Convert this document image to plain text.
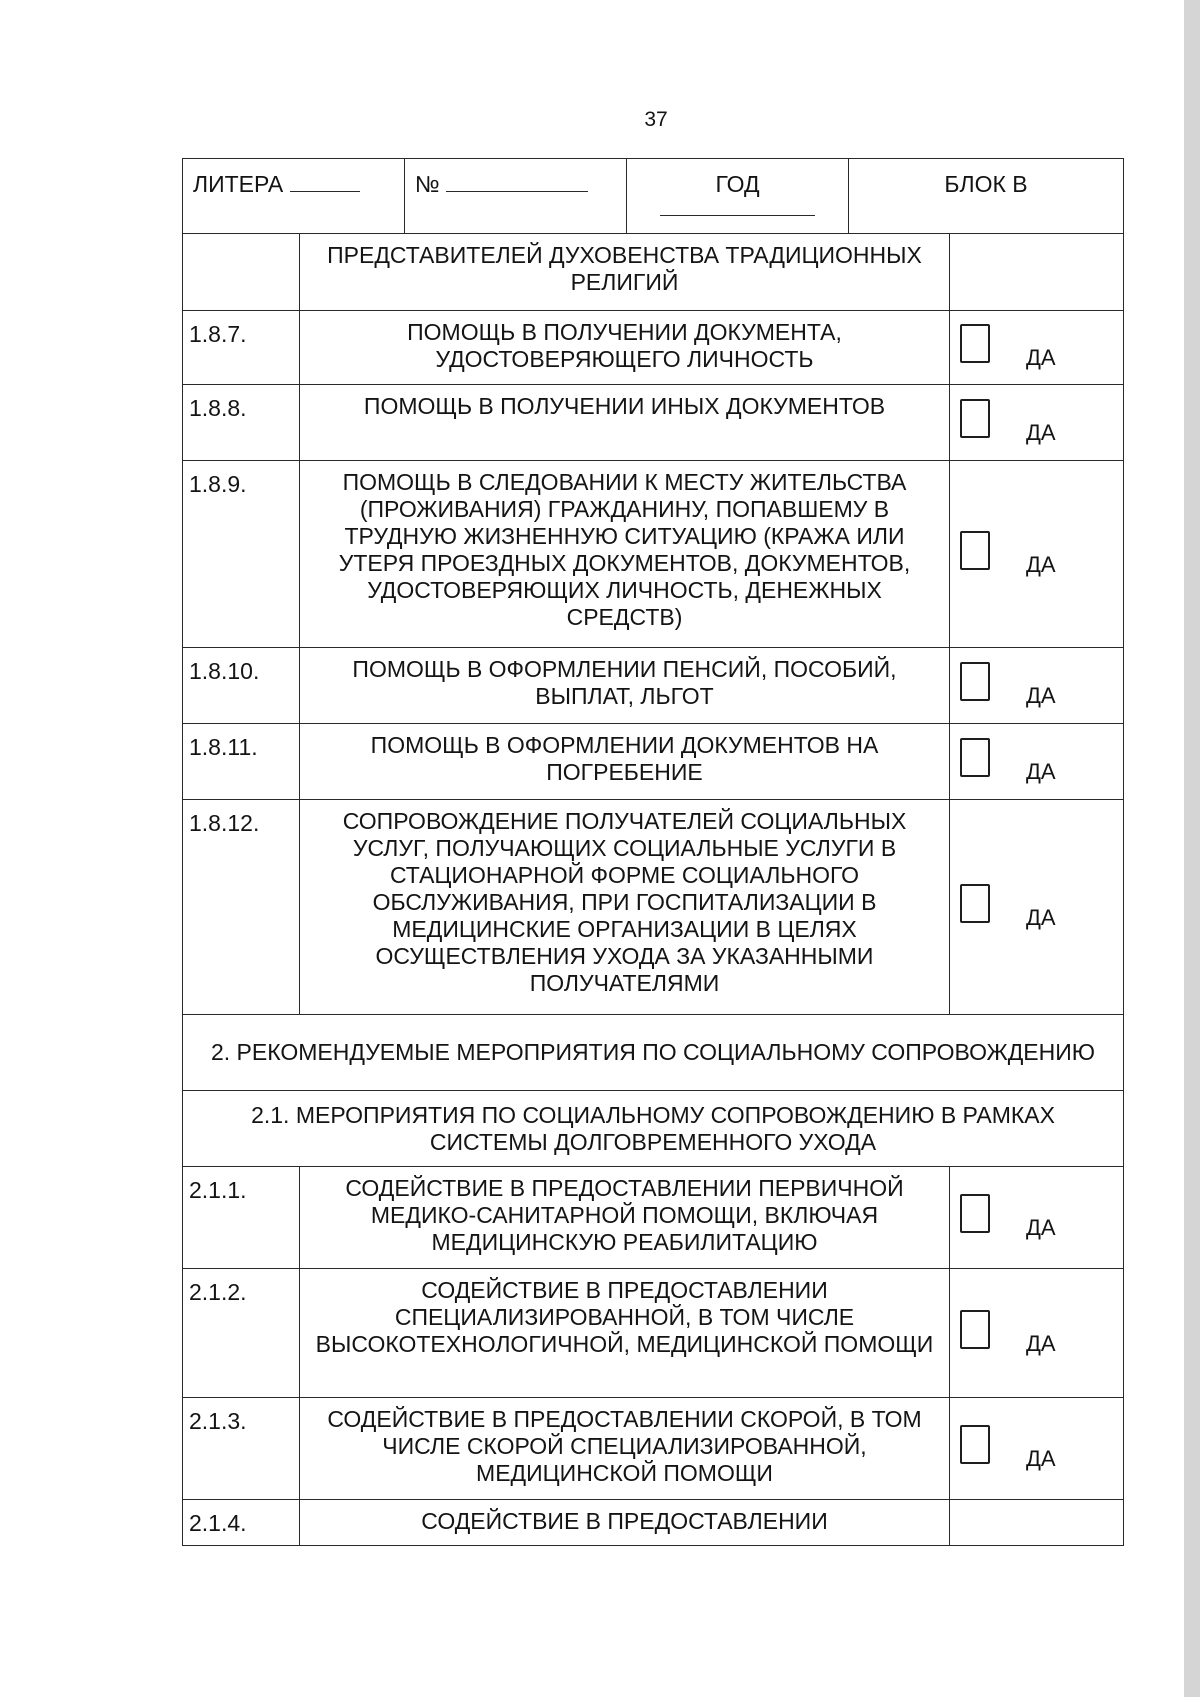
37
ЛИТЕРА	№	ГОД	БЛОК В
	ПРЕДСТАВИТЕЛЕЙ ДУХОВЕНСТВА ТРАДИЦИОННЫХ РЕЛИГИЙ	
1.8.7.	ПОМОЩЬ В ПОЛУЧЕНИИ ДОКУМЕНТА, УДОСТОВЕРЯЮЩЕГО ЛИЧНОСТЬ	ДА

1.8.8.	ПОМОЩЬ В ПОЛУЧЕНИИ ИНЫХ ДОКУМЕНТОВ	ДА

1.8.9.	ПОМОЩЬ В СЛЕДОВАНИИ К МЕСТУ ЖИТЕЛЬСТВА (ПРОЖИВАНИЯ) ГРАЖДАНИНУ, ПОПАВШЕМУ В ТРУДНУЮ ЖИЗНЕННУЮ СИТУАЦИЮ (КРАЖА ИЛИ УТЕРЯ ПРОЕЗДНЫХ ДОКУМЕНТОВ, ДОКУМЕНТОВ, УДОСТОВЕРЯЮЩИХ ЛИЧНОСТЬ, ДЕНЕЖНЫХ СРЕДСТВ)	ДА

1.8.10.	ПОМОЩЬ В ОФОРМЛЕНИИ ПЕНСИЙ, ПОСОБИЙ, ВЫПЛАТ, ЛЬГОТ	ДА

1.8.11.	ПОМОЩЬ В ОФОРМЛЕНИИ ДОКУМЕНТОВ НА ПОГРЕБЕНИЕ	ДА

1.8.12.	СОПРОВОЖДЕНИЕ ПОЛУЧАТЕЛЕЙ СОЦИАЛЬНЫХ УСЛУГ, ПОЛУЧАЮЩИХ СОЦИАЛЬНЫЕ УСЛУГИ В СТАЦИОНАРНОЙ ФОРМЕ СОЦИАЛЬНОГО ОБСЛУЖИВАНИЯ, ПРИ ГОСПИТАЛИЗАЦИИ В МЕДИЦИНСКИЕ ОРГАНИЗАЦИИ В ЦЕЛЯХ ОСУЩЕСТВЛЕНИЯ УХОДА ЗА УКАЗАННЫМИ ПОЛУЧАТЕЛЯМИ	ДА

2. РЕКОМЕНДУЕМЫЕ МЕРОПРИЯТИЯ ПО СОЦИАЛЬНОМУ СОПРОВОЖДЕНИЮ		
2.1. МЕРОПРИЯТИЯ ПО СОЦИАЛЬНОМУ СОПРОВОЖДЕНИЮ В РАМКАХ СИСТЕМЫ ДОЛГОВРЕМЕННОГО УХОДА		
2.1.1.	СОДЕЙСТВИЕ В ПРЕДОСТАВЛЕНИИ ПЕРВИЧНОЙ МЕДИКО-САНИТАРНОЙ ПОМОЩИ, ВКЛЮЧАЯ МЕДИЦИНСКУЮ РЕАБИЛИТАЦИЮ	ДА

2.1.2.	СОДЕЙСТВИЕ В ПРЕДОСТАВЛЕНИИ СПЕЦИАЛИЗИРОВАННОЙ, В ТОМ ЧИСЛЕ ВЫСОКОТЕХНОЛОГИЧНОЙ, МЕДИЦИНСКОЙ ПОМОЩИ	ДА

2.1.3.	СОДЕЙСТВИЕ В ПРЕДОСТАВЛЕНИИ СКОРОЙ, В ТОМ ЧИСЛЕ СКОРОЙ СПЕЦИАЛИЗИРОВАННОЙ, МЕДИЦИНСКОЙ ПОМОЩИ	ДА

2.1.4.	СОДЕЙСТВИЕ В ПРЕДОСТАВЛЕНИИ	
